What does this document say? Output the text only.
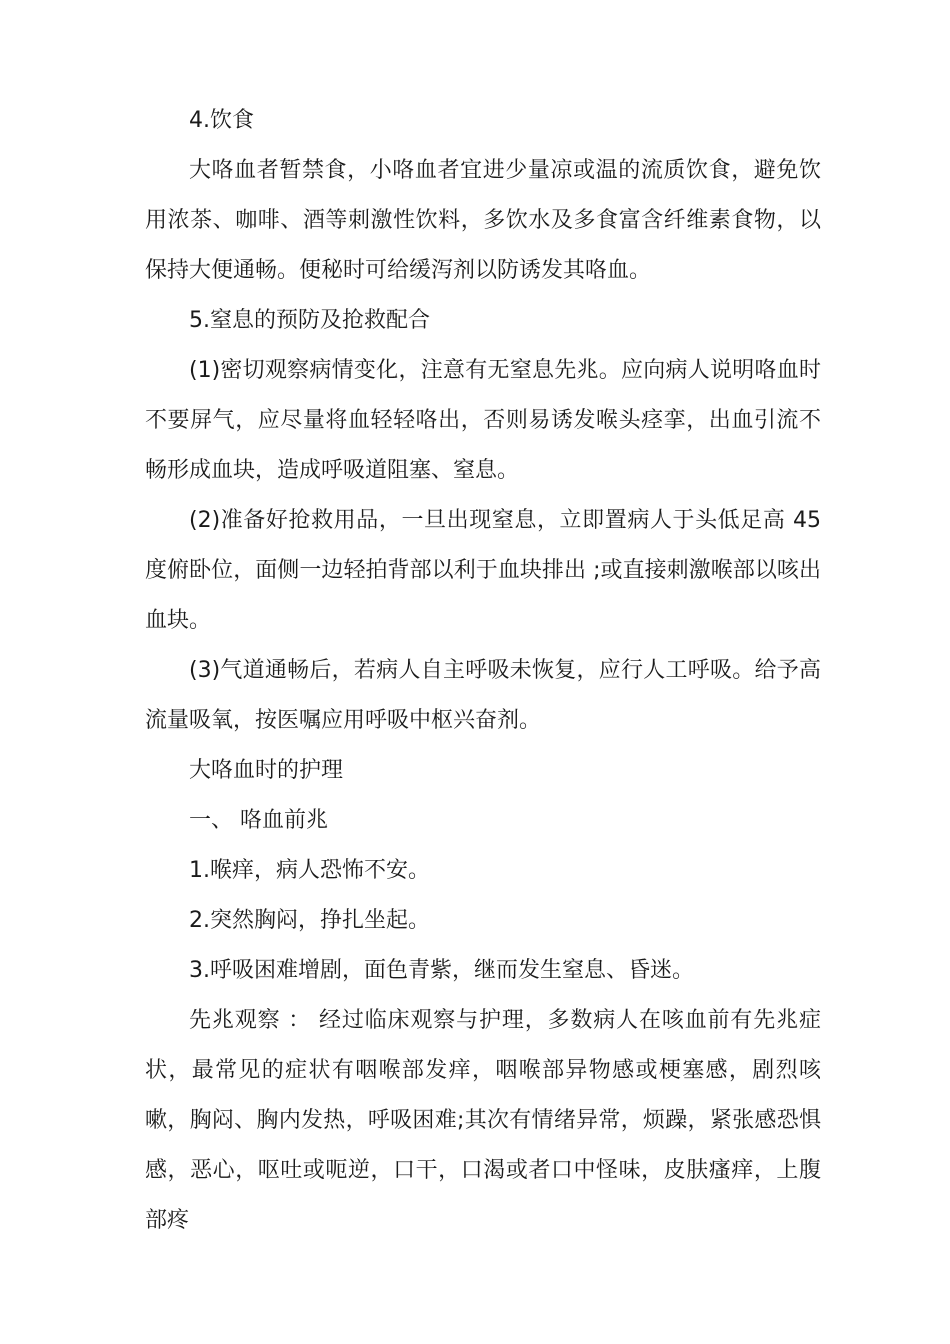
4.饮食

大咯血者暂禁食，小咯血者宜进少量凉或温的流质饮食，避免饮用浓茶、咖啡、酒等刺激性饮料，多饮水及多食富含纤维素食物，以保持大便通畅。便秘时可给缓泻剂以防诱发其咯血。

5.窒息的预防及抢救配合

(1)密切观察病情变化，注意有无窒息先兆。应向病人说明咯血时不要屏气，应尽量将血轻轻咯出，否则易诱发喉头痉挛，出血引流不畅形成血块，造成呼吸道阻塞、窒息。

(2)准备好抢救用品，一旦出现窒息，立即置病人于头低足高 45度俯卧位，面侧一边轻拍背部以利于血块排出 ;或直接刺激喉部以咳出血块。

(3)气道通畅后，若病人自主呼吸未恢复，应行人工呼吸。给予高流量吸氧，按医嘱应用呼吸中枢兴奋剂。

大咯血时的护理

一、 咯血前兆

1.喉痒，病人恐怖不安。

2.突然胸闷，挣扎坐起。

3.呼吸困难增剧，面色青紫，继而发生窒息、昏迷。

先兆观察 ： 经过临床观察与护理，多数病人在咳血前有先兆症状，最常见的症状有咽喉部发痒，咽喉部异物感或梗塞感，剧烈咳嗽，胸闷、胸内发热，呼吸困难;其次有情绪异常，烦躁，紧张感恐惧感，恶心，呕吐或呃逆，口干，口渴或者口中怪味，皮肤瘙痒，上腹部疼
